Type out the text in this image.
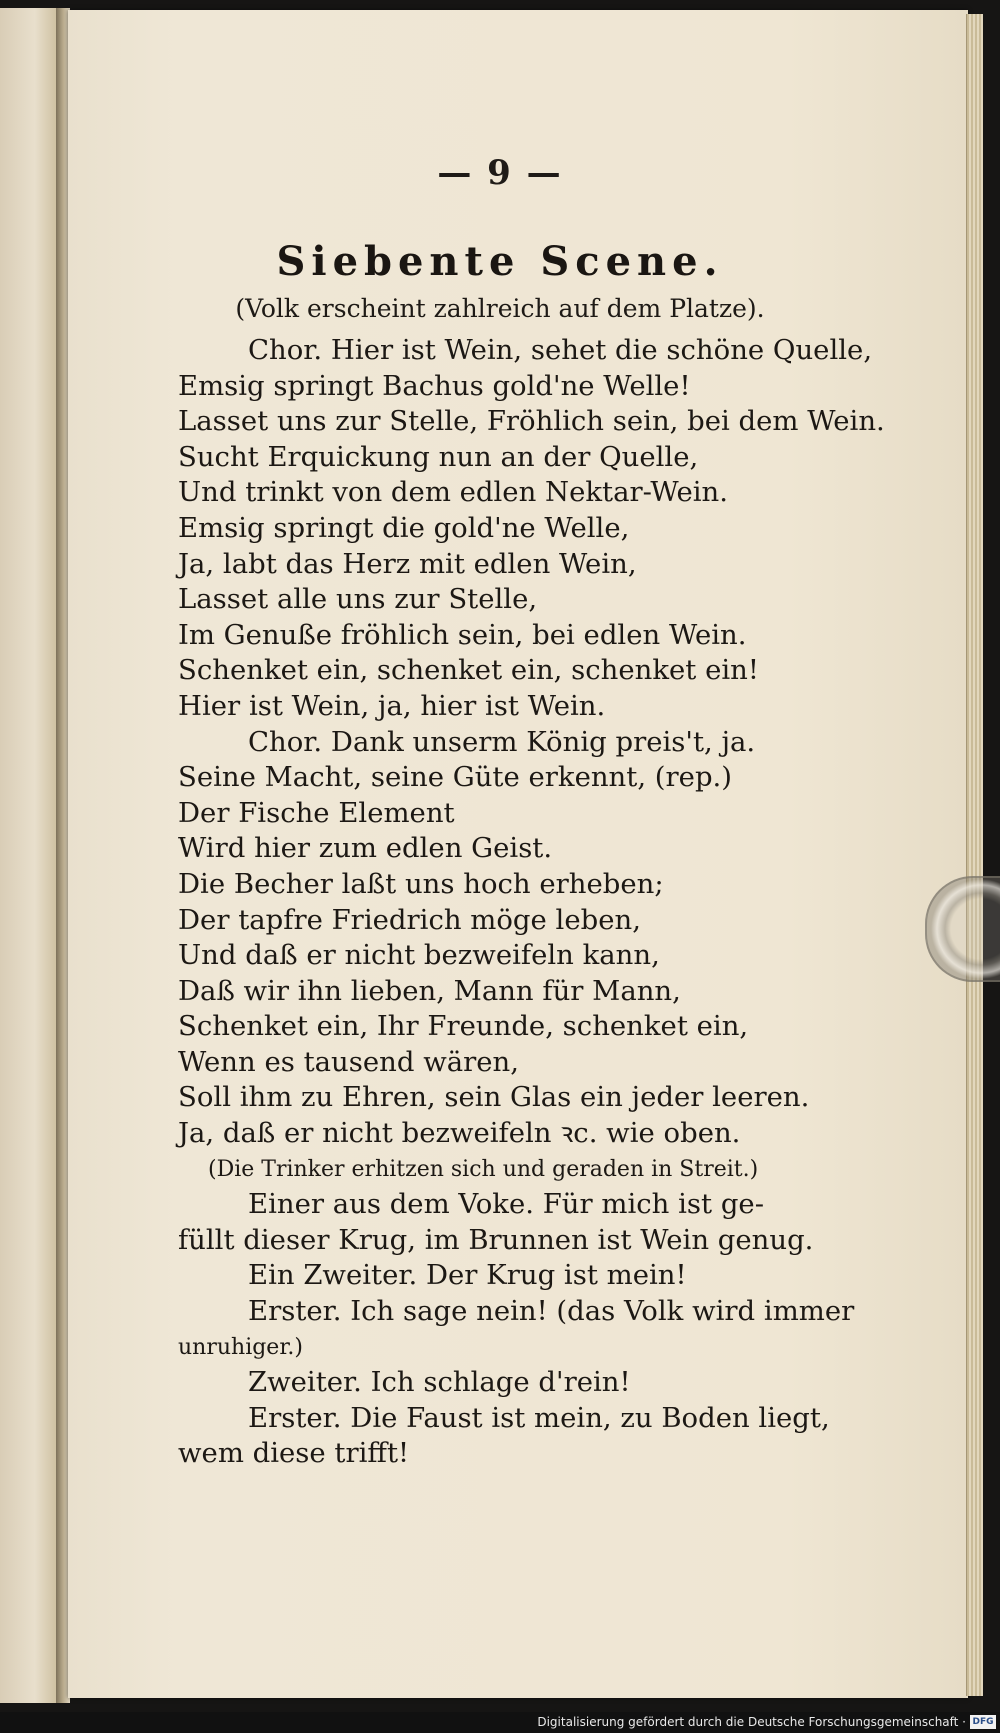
— 9 —
Siebente Scene.
(Volk erscheint zahlreich auf dem Platze).
Chor. Hier ist Wein, sehet die schöne Quelle,
Emsig springt Bachus gold'ne Welle!
Lasset uns zur Stelle, Fröhlich sein, bei dem Wein.
Sucht Erquickung nun an der Quelle,
Und trinkt von dem edlen Nektar-Wein.
Emsig springt die gold'ne Welle,
Ja, labt das Herz mit edlen Wein,
Lasset alle uns zur Stelle,
Im Genuße fröhlich sein, bei edlen Wein.
Schenket ein, schenket ein, schenket ein!
Hier ist Wein, ja, hier ist Wein.
Chor. Dank unserm König preis't, ja.
Seine Macht, seine Güte erkennt, (rep.)
Der Fische Element
Wird hier zum edlen Geist.
Die Becher laßt uns hoch erheben;
Der tapfre Friedrich möge leben,
Und daß er nicht bezweifeln kann,
Daß wir ihn lieben, Mann für Mann,
Schenket ein, Ihr Freunde, schenket ein,
Wenn es tausend wären,
Soll ihm zu Ehren, sein Glas ein jeder leeren.
Ja, daß er nicht bezweifeln ꝛc. wie oben.
(Die Trinker erhitzen sich und geraden in Streit.)
Einer aus dem Voke. Für mich ist ge-
füllt dieser Krug, im Brunnen ist Wein genug.
Ein Zweiter. Der Krug ist mein!
Erster. Ich sage nein! (das Volk wird immer
unruhiger.)
Zweiter. Ich schlage d'rein!
Erster. Die Faust ist mein, zu Boden liegt,
wem diese trifft!
Digitalisierung gefördert durch die Deutsche Forschungsgemeinschaft · DFG
